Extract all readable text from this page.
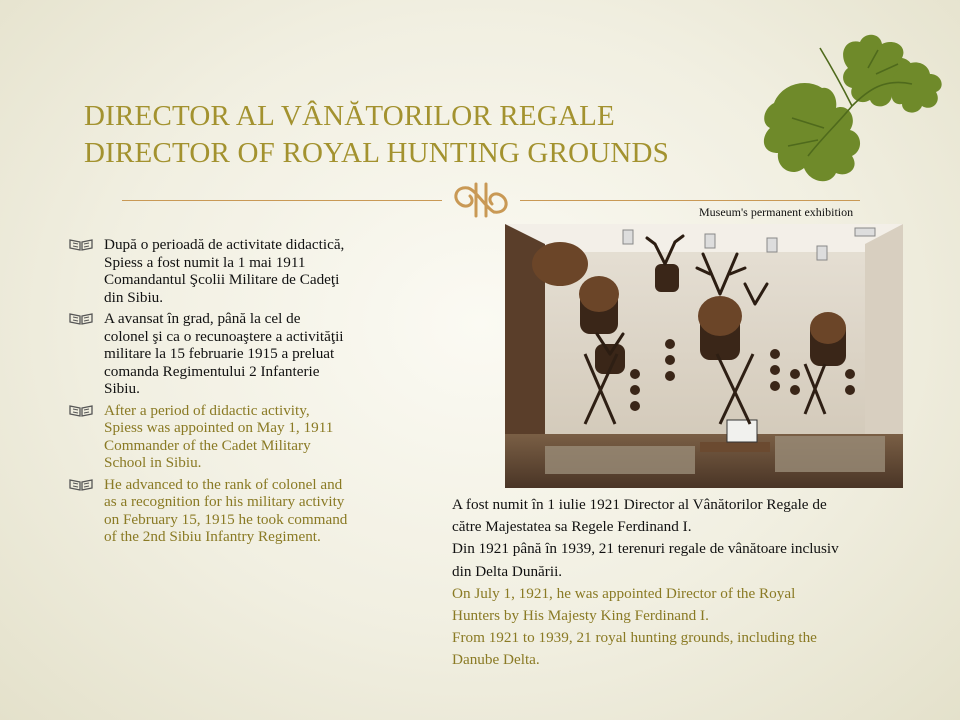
DIRECTOR AL VÂNĂTORILOR REGALE
DIRECTOR OF ROYAL HUNTING GROUNDS
Museum's permanent exhibition
După o perioadă de activitate didactică,
Spiess a fost numit la 1 mai 1911
Comandantul Şcolii Militare de Cadeţi
din Sibiu.
A avansat în grad, până la cel de
colonel şi ca o recunoaştere a activităţii
militare la 15 februarie 1915 a preluat
comanda Regimentului 2 Infanterie
Sibiu.
After a period of didactic activity,
Spiess was appointed on May 1, 1911
Commander of the Cadet Military
School in Sibiu.
He advanced to the rank of colonel and
as a recognition for his military activity
on February 15, 1915 he took command
of the 2nd Sibiu Infantry Regiment.
A fost numit în 1 iulie 1921 Director al Vânătorilor Regale de
către Majestatea sa Regele Ferdinand I.
Din 1921 până în 1939, 21 terenuri regale de vânătoare inclusiv
din Delta Dunării.
On July 1, 1921, he was appointed Director of the Royal
Hunters by His Majesty King Ferdinand I.
From 1921 to 1939, 21 royal hunting grounds, including the
Danube Delta.
